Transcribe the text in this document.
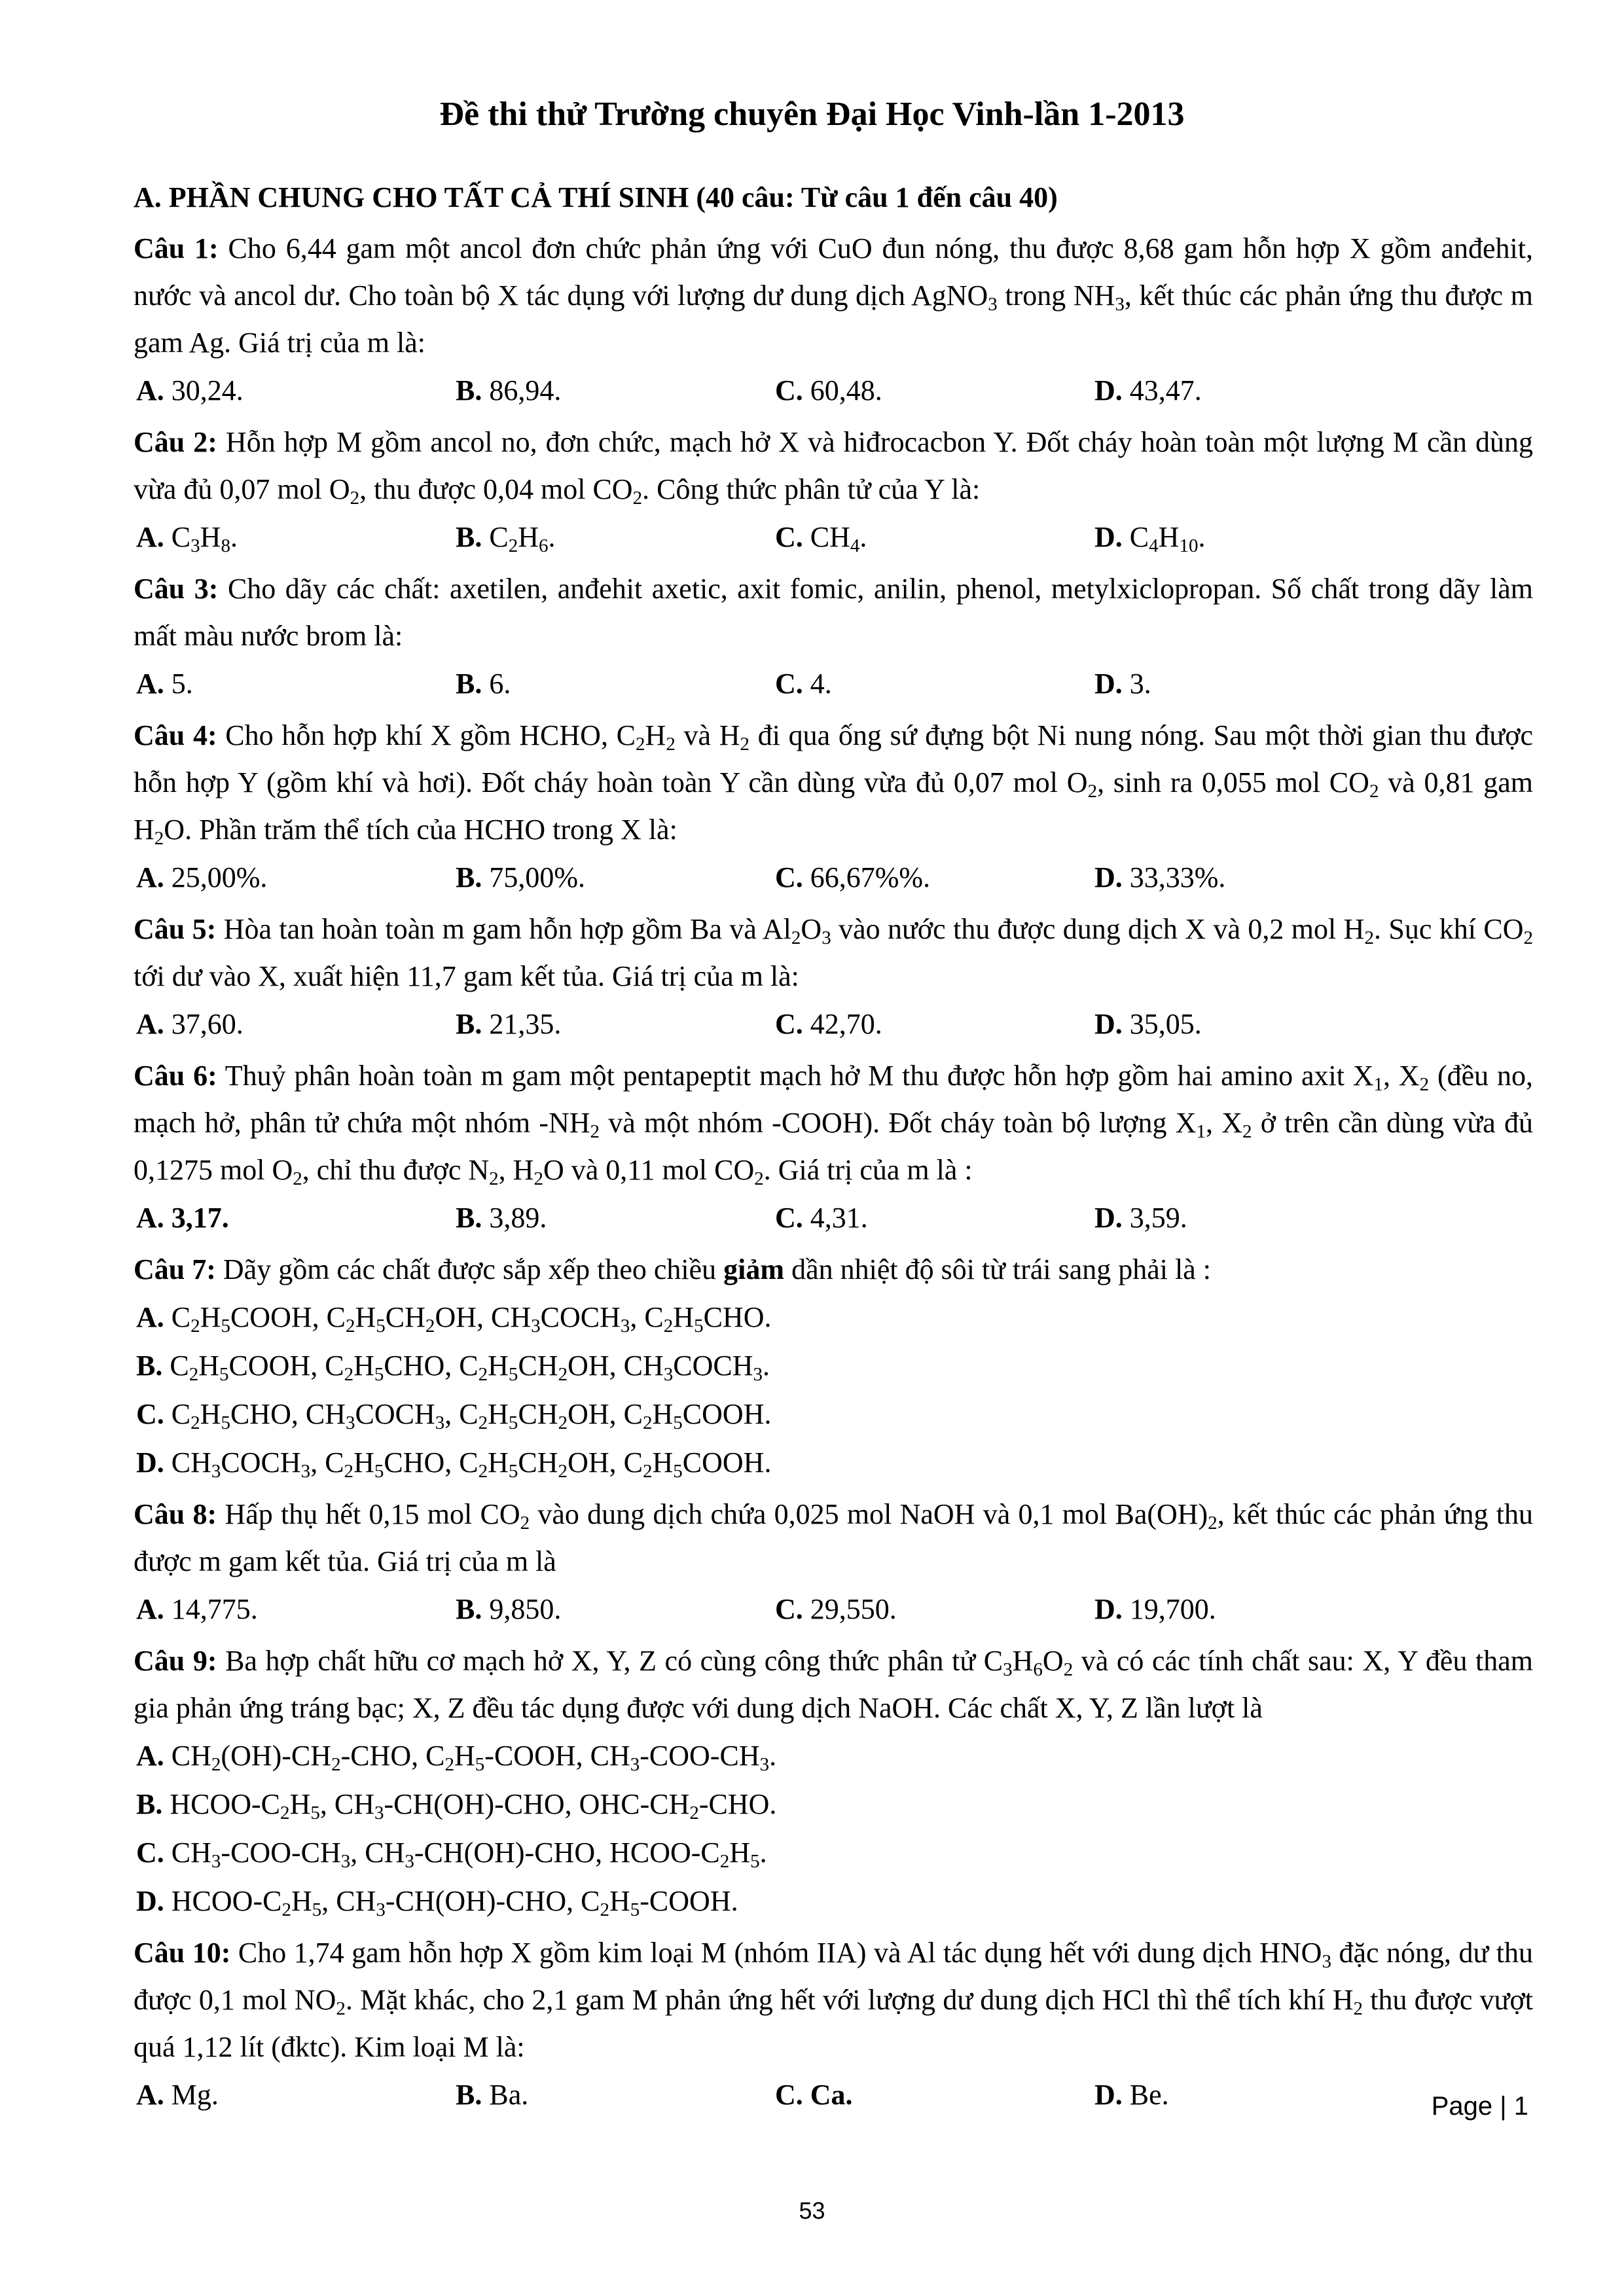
Đề thi thử Trường chuyên Đại Học Vinh-lần 1-2013
A. PHẦN CHUNG CHO TẤT CẢ THÍ SINH (40 câu: Từ câu 1 đến câu 40)
Câu 1: Cho 6,44 gam một ancol đơn chức phản ứng với CuO đun nóng, thu được 8,68 gam hỗn hợp X gồm anđehit, nước và ancol dư. Cho toàn bộ X tác dụng với lượng dư dung dịch AgNO$_3$ trong $NH_3$, kết thúc các phản ứng thu được m gam Ag. Giá trị của m là:
A. 30,24.	B. 86,94.	C. 60,48.	D. 43,47.
Câu 2: Hỗn hợp M gồm ancol no, đơn chức, mạch hở X và hiđrocacbon Y. Đốt cháy hoàn toàn một lượng M cần dùng vừa đủ 0,07 mol $O_2$, thu được 0,04 mol $CO_2$. Công thức phân tử của Y là:
A. $C_3H_8$.	B. $C_2H_6$.	C. $CH_4$.	D. $C_4H_{10}$.
Câu 3: Cho dãy các chất: axetilen, anđehit axetic, axit fomic, anilin, phenol, metylxiclopropan. Số chất trong dãy làm mất màu nước brom là:
A. 5.	B. 6.	C. 4.	D. 3.
Câu 4: Cho hỗn hợp khí X gồm HCHO, $C_2H_2$ và $H_2$ đi qua ống sứ đựng bột Ni nung nóng. Sau một thời gian thu được hỗn hợp Y (gồm khí và hơi). Đốt cháy hoàn toàn Y cần dùng vừa đủ 0,07 mol $O_2$, sinh ra 0,055 mol $CO_2$ và 0,81 gam $H_2O$. Phần trăm thể tích của HCHO trong X là:
A. 25,00%.	B. 75,00%.	C. 66,67%%.	D. 33,33%.
Câu 5: Hòa tan hoàn toàn m gam hỗn hợp gồm Ba và $Al_2O_3$ vào nước thu được dung dịch X và 0,2 mol $H_2$. Sục khí $CO_2$ tới dư vào X, xuất hiện 11,7 gam kết tủa. Giá trị của m là:
A. 37,60.	B. 21,35.	C. 42,70.	D. 35,05.
Câu 6: Thuỷ phân hoàn toàn m gam một pentapeptit mạch hở M thu được hỗn hợp gồm hai amino axit $X_1$, $X_2$ (đều no, mạch hở, phân tử chứa một nhóm $-NH_2$ và một nhóm -COOH). Đốt cháy toàn bộ lượng $X_1$, $X_2$ ở trên cần dùng vừa đủ 0,1275 mol $O_2$, chỉ thu được $N_2$, $H_2O$ và 0,11 mol $CO_2$. Giá trị của m là :
A. 3,17.	B. 3,89.	C. 4,31.	D. 3,59.
Câu 7: Dãy gồm các chất được sắp xếp theo chiều giảm dần nhiệt độ sôi từ trái sang phải là :
A. $C_2H_5COOH$, $C_2H_5CH_2OH$, $CH_3COCH_3$, $C_2H_5CHO$.
B. $C_2H_5COOH$, $C_2H_5CHO$, $C_2H_5CH_2OH$, $CH_3COCH_3$.
C. $C_2H_5CHO$, $CH_3COCH_3$, $C_2H_5CH_2OH$, $C_2H_5COOH$.
D. $CH_3COCH_3$, $C_2H_5CHO$, $C_2H_5CH_2OH$, $C_2H_5COOH$.
Câu 8: Hấp thụ hết 0,15 mol $CO_2$ vào dung dịch chứa 0,025 mol NaOH và 0,1 mol $Ba(OH)_2$, kết thúc các phản ứng thu được m gam kết tủa. Giá trị của m là
A. 14,775.	B. 9,850.	C. 29,550.	D. 19,700.
Câu 9: Ba hợp chất hữu cơ mạch hở X, Y, Z có cùng công thức phân tử $C_3H_6O_2$ và có các tính chất sau: X, Y đều tham gia phản ứng tráng bạc; X, Z đều tác dụng được với dung dịch NaOH. Các chất X, Y, Z lần lượt là
A. $CH_2(OH)-CH_2$-CHO, $C_2H_5$-COOH, $CH_3-COO-CH_3$.
B. HCOO-$C_2H_5$, $CH_3-CH(OH)$-CHO, OHC-$CH_2$-CHO.
C. $CH_3-COO-CH_3$, $CH_3-CH(OH)$-CHO, HCOO-$C_2H_5$.
D. HCOO-$C_2H_5$, $CH_3-CH(OH)$-CHO, $C_2H_5$-COOH.
Câu 10: Cho 1,74 gam hỗn hợp X gồm kim loại M (nhóm IIA) và Al tác dụng hết với dung dịch $HNO_3$ đặc nóng, dư thu được 0,1 mol $NO_2$. Mặt khác, cho 2,1 gam M phản ứng hết với lượng dư dung dịch HCl thì thể tích khí $H_2$ thu được vượt quá 1,12 lít (đktc). Kim loại M là:
A. Mg.	B. Ba.	C. Ca.	D. Be.	Page | 1
53
